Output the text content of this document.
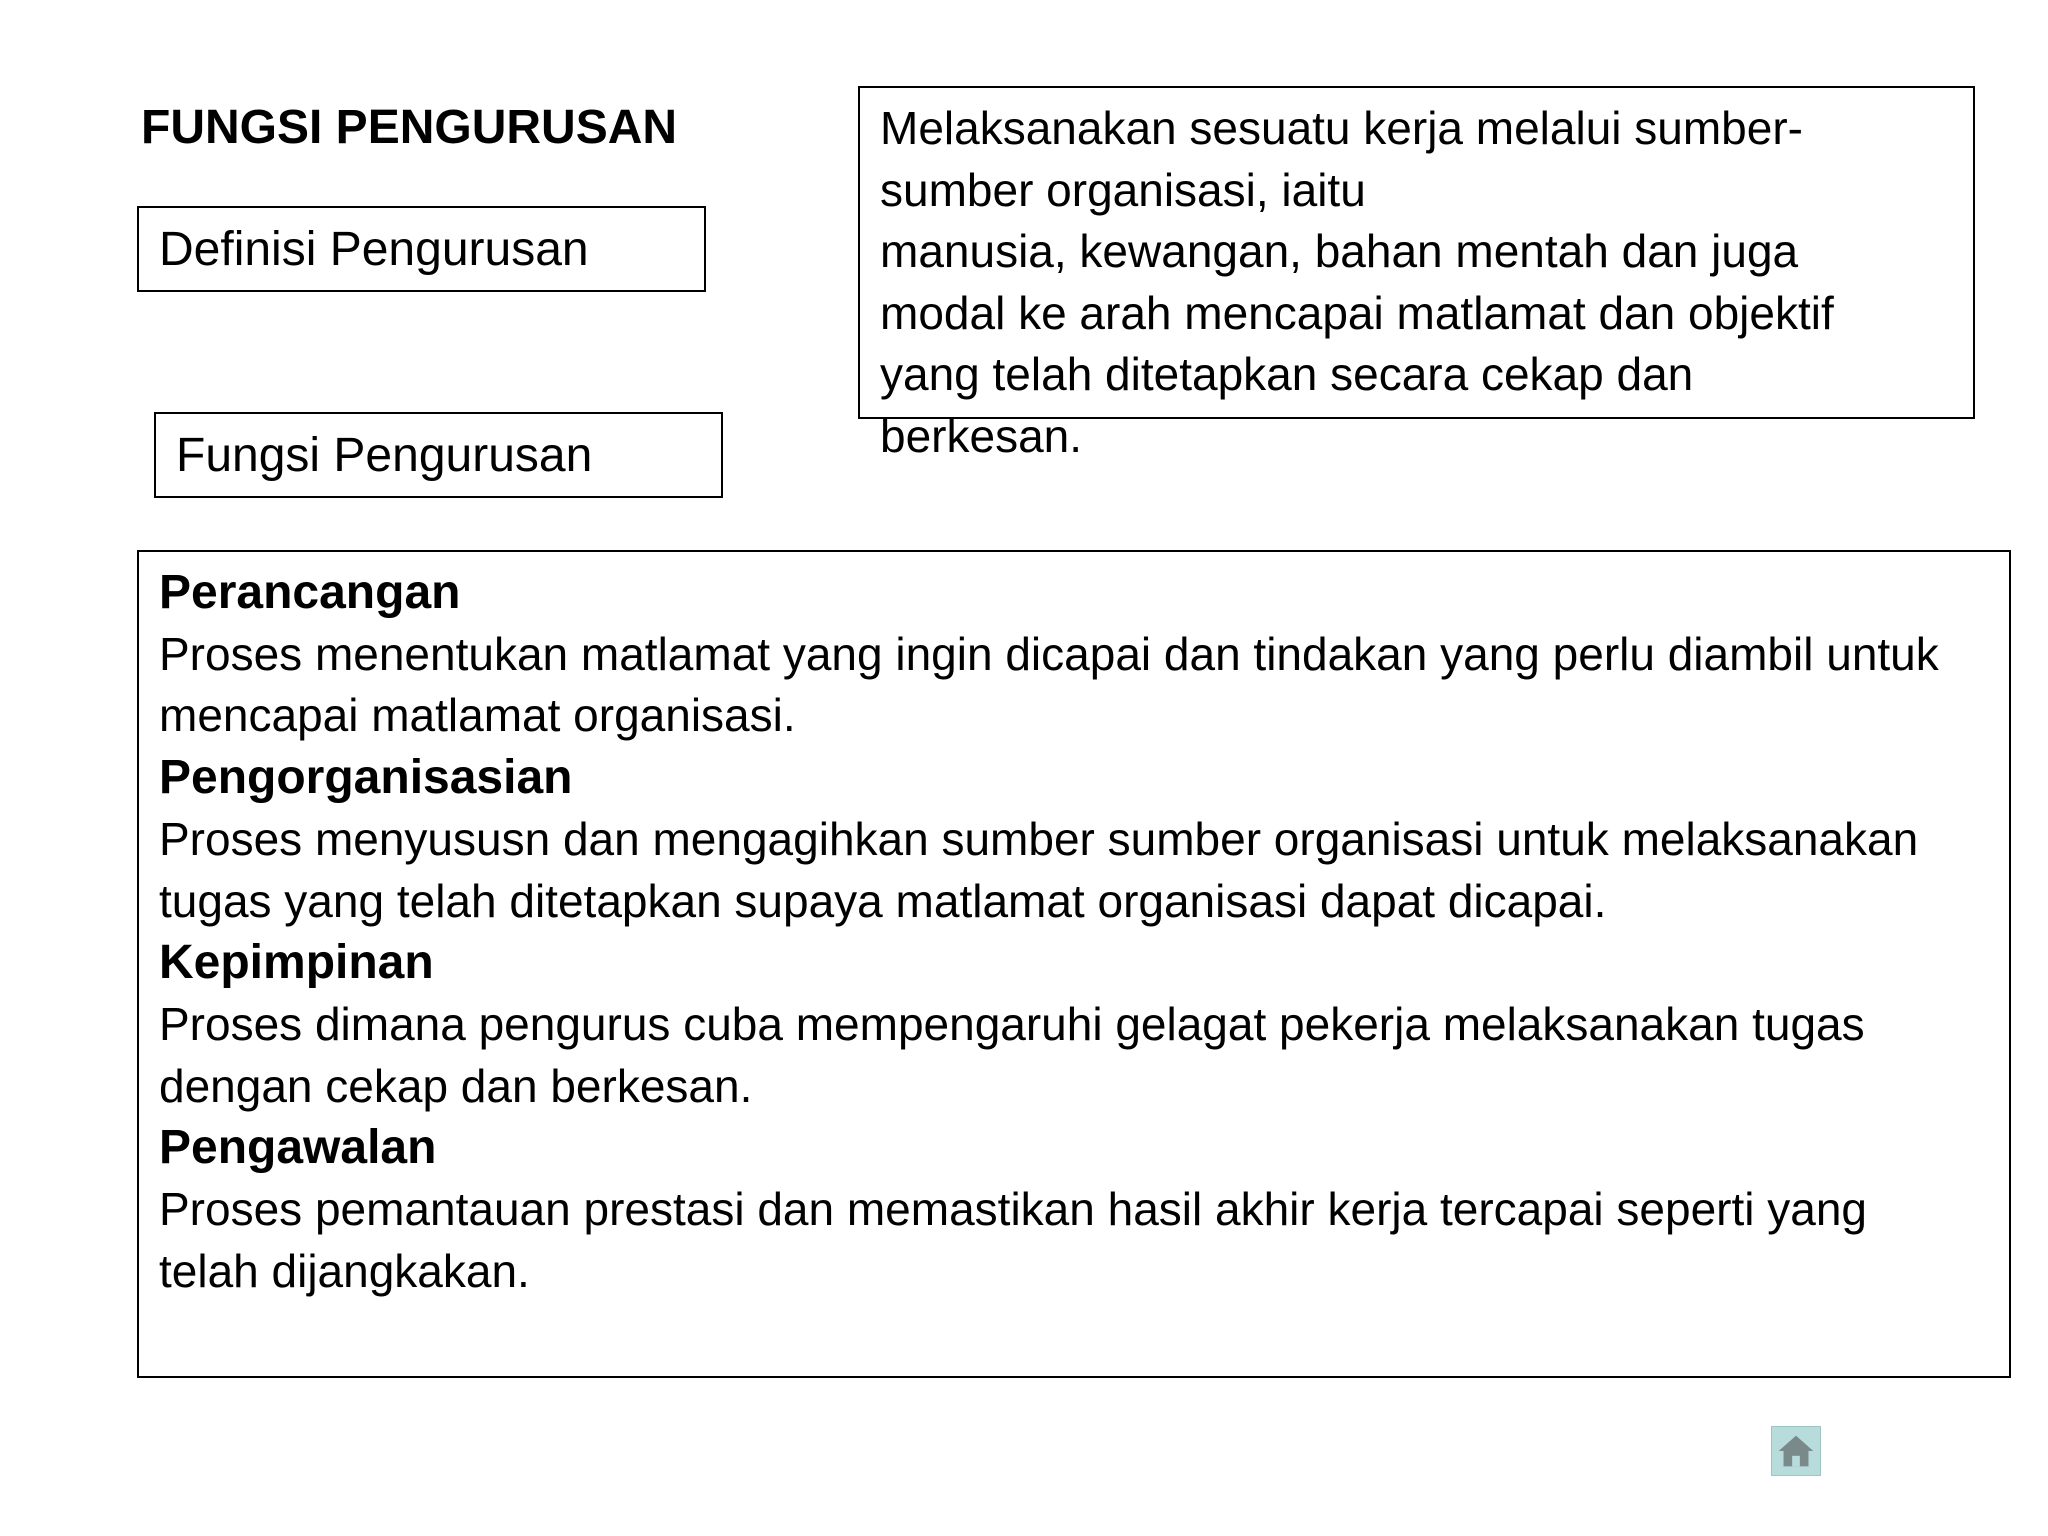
FUNGSI PENGURUSAN
Definisi Pengurusan
Fungsi Pengurusan
Melaksanakan sesuatu kerja melalui sumber-
sumber organisasi, iaitu
manusia, kewangan, bahan mentah dan juga
modal ke arah mencapai matlamat dan objektif
yang telah ditetapkan secara cekap dan
berkesan.
Perancangan
Proses menentukan matlamat yang ingin dicapai dan tindakan yang perlu diambil untuk mencapai matlamat organisasi.
Pengorganisasian
Proses menyususn dan mengagihkan sumber sumber organisasi untuk melaksanakan tugas yang telah ditetapkan supaya matlamat organisasi dapat dicapai.
Kepimpinan
Proses dimana pengurus cuba mempengaruhi gelagat pekerja melaksanakan tugas dengan cekap dan berkesan.
Pengawalan
Proses pemantauan prestasi dan memastikan hasil akhir kerja tercapai seperti yang telah dijangkakan.
